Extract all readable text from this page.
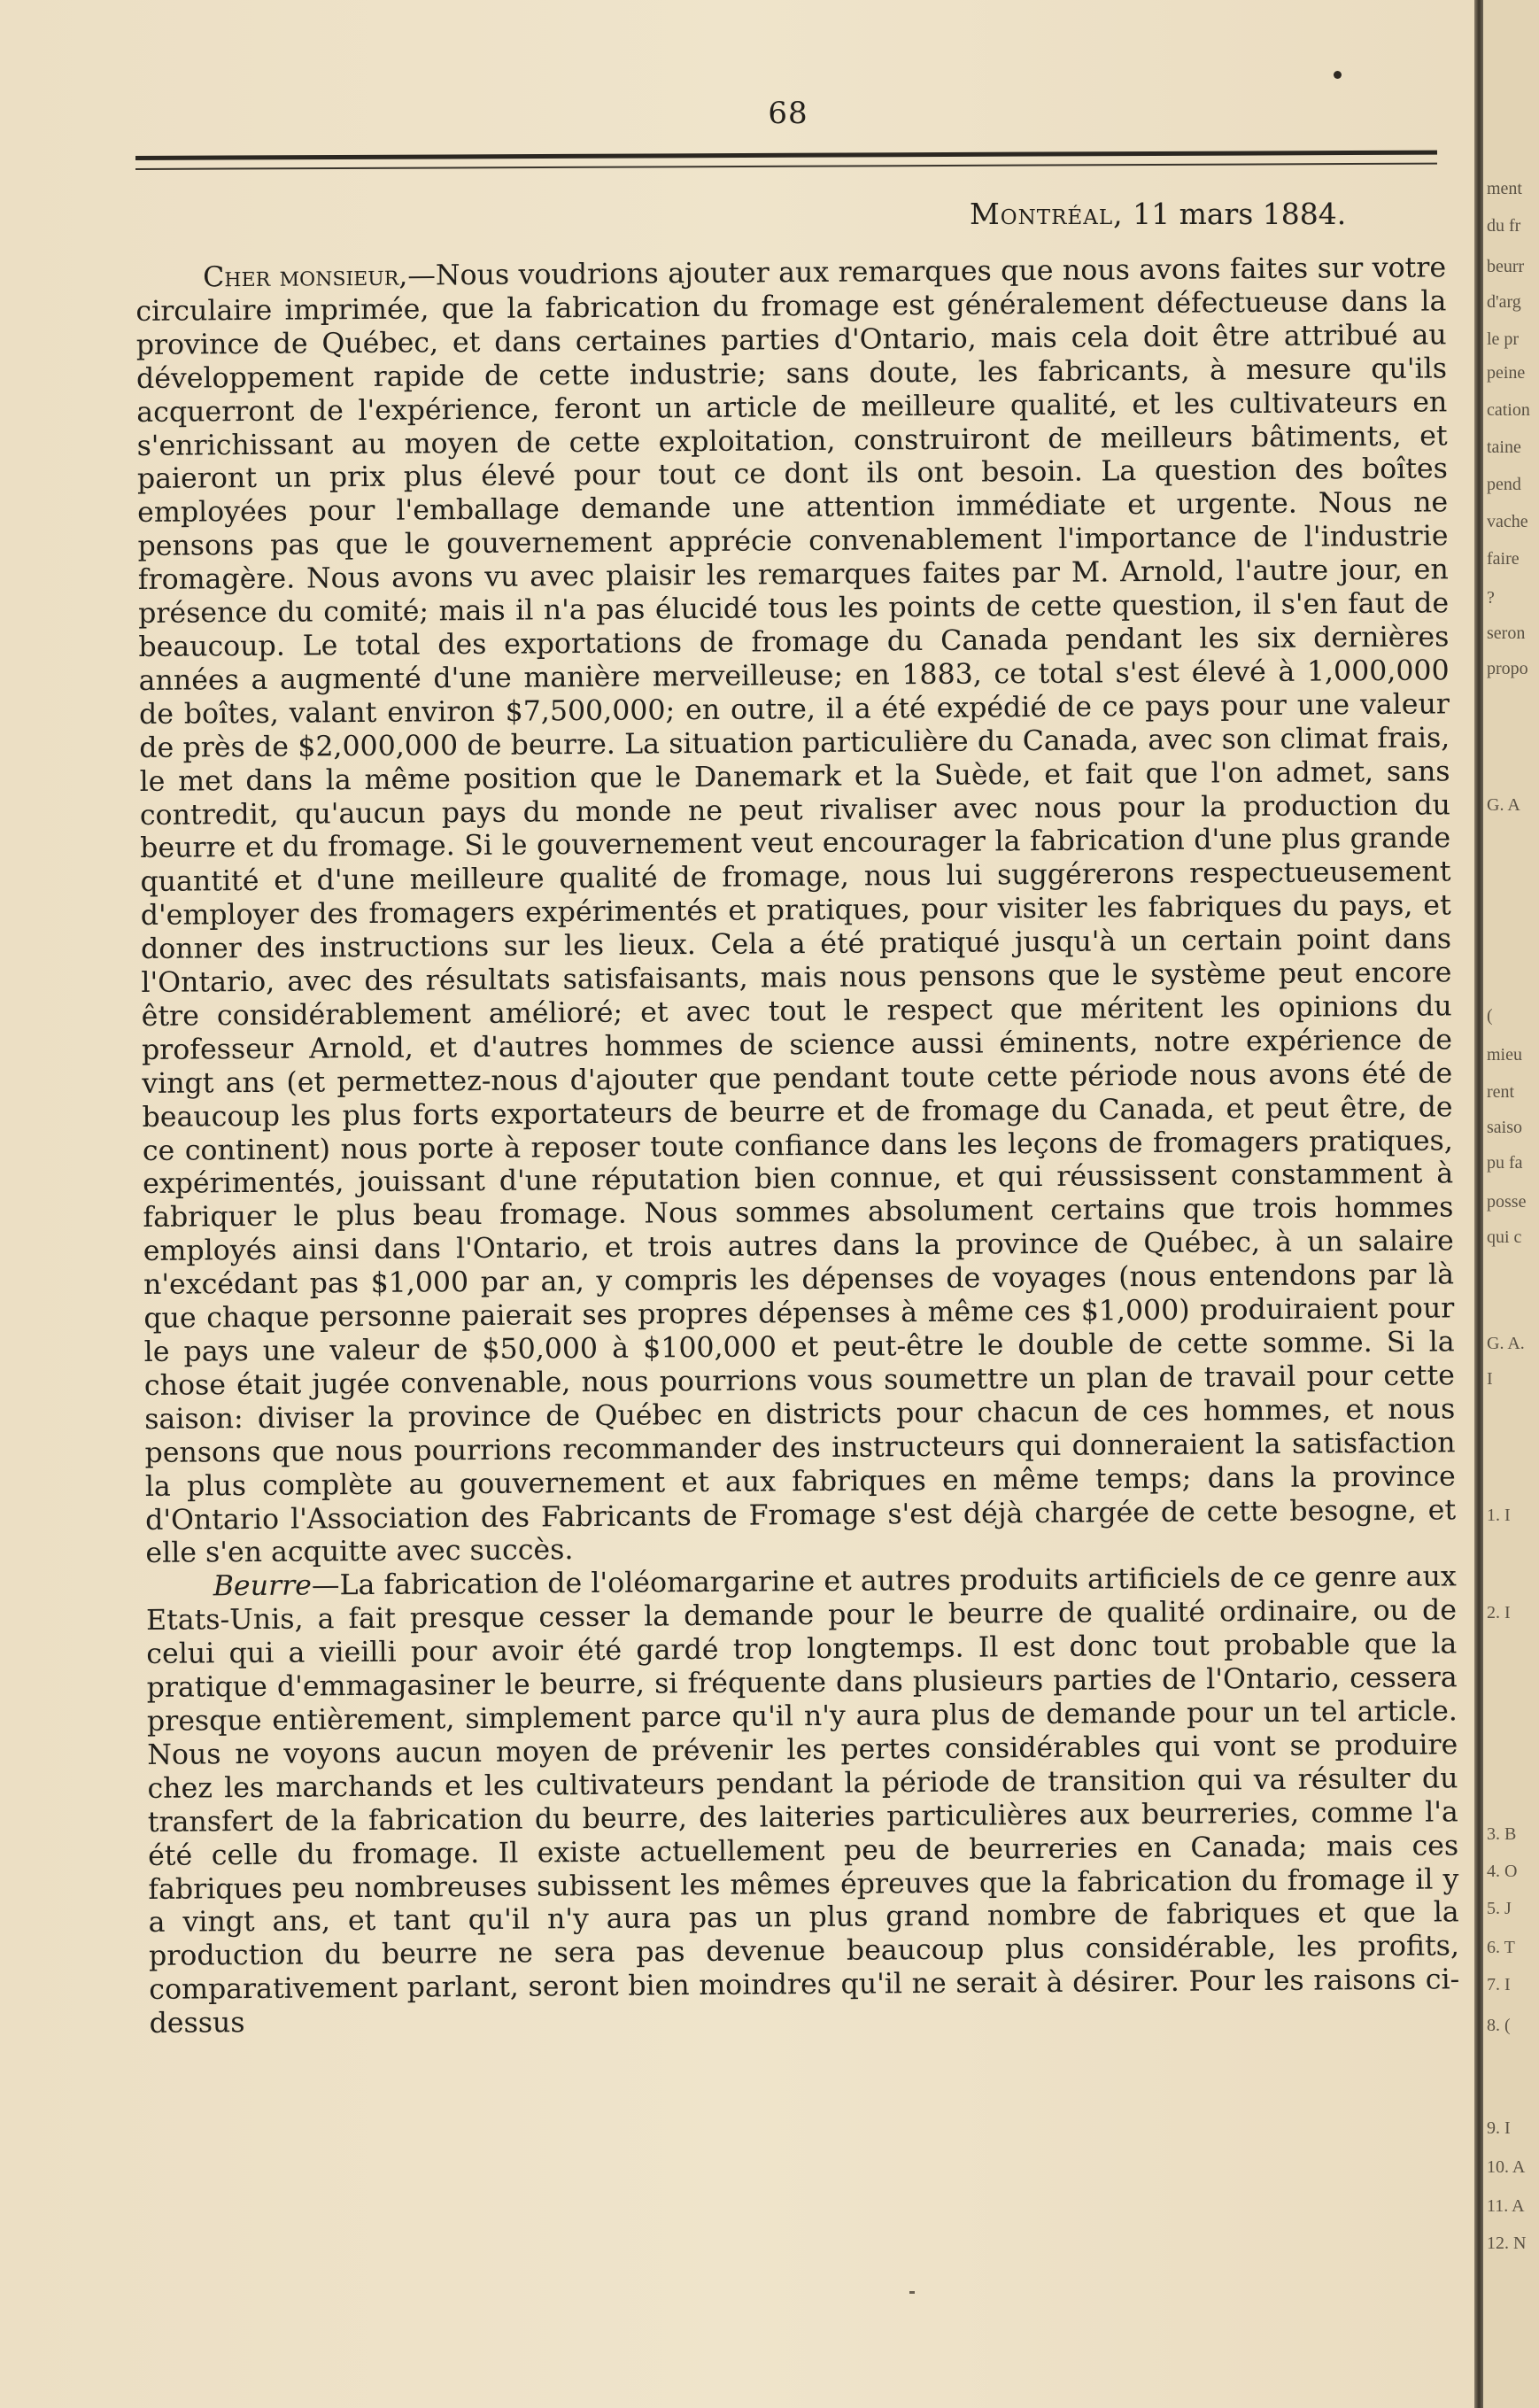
68
Montréal, 11 mars 1884.

Cher monsieur,—Nous voudrions ajouter aux remarques que nous avons faites sur votre circulaire imprimée, que la fabrication du fromage est généralement défectueuse dans la province de Québec, et dans certaines parties d'Ontario, mais cela doit être attribué au développement rapide de cette industrie; sans doute, les fabricants, à mesure qu'ils acquerront de l'expérience, feront un article de meilleure qualité, et les cultivateurs en s'enrichissant au moyen de cette exploitation, construiront de meilleurs bâtiments, et paieront un prix plus élevé pour tout ce dont ils ont besoin. La question des boîtes employées pour l'emballage demande une attention immédiate et urgente. Nous ne pensons pas que le gouvernement apprécie convenablement l'importance de l'industrie fromagère. Nous avons vu avec plaisir les remarques faites par M. Arnold, l'autre jour, en présence du comité; mais il n'a pas élucidé tous les points de cette question, il s'en faut de beaucoup. Le total des exportations de fromage du Canada pendant les six dernières années a augmenté d'une manière merveilleuse; en 1883, ce total s'est élevé à 1,000,000 de boîtes, valant environ $7,500,000; en outre, il a été expédié de ce pays pour une valeur de près de $2,000,000 de beurre. La situation particulière du Canada, avec son climat frais, le met dans la même position que le Danemark et la Suède, et fait que l'on admet, sans contredit, qu'aucun pays du monde ne peut rivaliser avec nous pour la production du beurre et du fromage. Si le gouvernement veut encourager la fabrication d'une plus grande quantité et d'une meilleure qualité de fromage, nous lui suggérerons respectueusement d'employer des fromagers expérimentés et pratiques, pour visiter les fabriques du pays, et donner des instructions sur les lieux. Cela a été pratiqué jusqu'à un certain point dans l'Ontario, avec des résultats satisfaisants, mais nous pensons que le système peut encore être considérablement amélioré; et avec tout le respect que méritent les opinions du professeur Arnold, et d'autres hommes de science aussi éminents, notre expérience de vingt ans (et permettez-nous d'ajouter que pendant toute cette période nous avons été de beaucoup les plus forts exportateurs de beurre et de fromage du Canada, et peut être, de ce continent) nous porte à reposer toute confiance dans les leçons de fromagers pratiques, expérimentés, jouissant d'une réputation bien connue, et qui réussissent constamment à fabriquer le plus beau fromage. Nous sommes absolument certains que trois hommes employés ainsi dans l'Ontario, et trois autres dans la province de Québec, à un salaire n'excédant pas $1,000 par an, y compris les dépenses de voyages (nous entendons par là que chaque personne paierait ses propres dépenses à même ces $1,000) produiraient pour le pays une valeur de $50,000 à $100,000 et peut-être le double de cette somme. Si la chose était jugée convenable, nous pourrions vous soumettre un plan de travail pour cette saison: diviser la province de Québec en districts pour chacun de ces hommes, et nous pensons que nous pourrions recommander des instructeurs qui donneraient la satisfaction la plus complète au gouvernement et aux fabriques en même temps; dans la province d'Ontario l'Association des Fabricants de Fromage s'est déjà chargée de cette besogne, et elle s'en acquitte avec succès.

Beurre—La fabrication de l'oléomargarine et autres produits artificiels de ce genre aux Etats-Unis, a fait presque cesser la demande pour le beurre de qualité ordinaire, ou de celui qui a vieilli pour avoir été gardé trop longtemps. Il est donc tout probable que la pratique d'emmagasiner le beurre, si fréquente dans plusieurs parties de l'Ontario, cessera presque entièrement, simplement parce qu'il n'y aura plus de demande pour un tel article. Nous ne voyons aucun moyen de prévenir les pertes considérables qui vont se produire chez les marchands et les cultivateurs pendant la période de transition qui va résulter du transfert de la fabrication du beurre, des laiteries particulières aux beurreries, comme l'a été celle du fromage. Il existe actuellement peu de beurreries en Canada; mais ces fabriques peu nombreuses subissent les mêmes épreuves que la fabrication du fromage il y a vingt ans, et tant qu'il n'y aura pas un plus grand nombre de fabriques et que la production du beurre ne sera pas devenue beaucoup plus considérable, les profits, comparativement parlant, seront bien moindres qu'il ne serait à désirer. Pour les raisons ci-dessus

ment
du fr
beurr
d'arg
le pr
peine
cation
taine
pend
vache
faire
?
seron
propo
G. A
(
mieu
rent
saiso
pu fa
posse
qui c
G. A.
I
1. I
2. I
3. B
4. O
5. J
6. T
7. I
8. (
9. I
10. A
11. A
12. N
